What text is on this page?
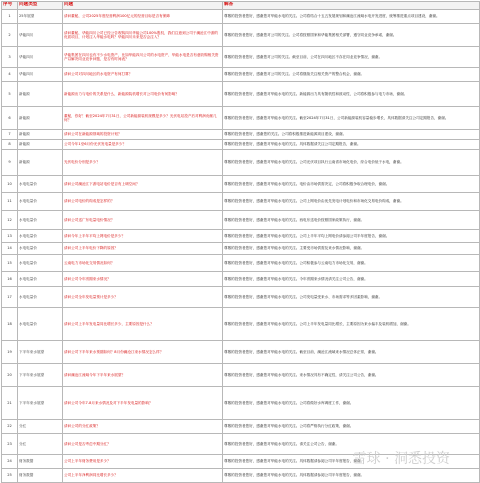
序号	问题类型	问题	解答
1	25年展望	请问董秘，公司2025年度经营利润100亿元的经营目标是否有保障	尊敬的投资者您好，感谢您对华能水电的关注。公司将结合十五五发展规划和澜沧江流域水电开发进度，统筹推进重点项目建设，谢谢。
2	华能四川	请问董秘，华能四川公司已经公告收购四川华能公司100%股权，我们注意到公司于澜沧江中游的优质项目，计划注入华能水电吗？华能四川未来是否会注入？	尊敬的投资者您好，感谢您对公司的关注。公司将按照国家和华能集团相关部署，遵守同业竞争承诺，谢谢。
3	华能四川	华能集团在四川也有不少水电资产，比如华能四川公司的水电资产，华能水电是否有意收购相关资产以解决同业竞争问题，是否有时间表？	尊敬的投资者您好，感谢您对公司的关注。截至目前，公司在四川地区不存在同业竞争情况，谢谢。
4	华能四川	请问公司对四川地区的水电资产有何打算？	尊敬的投资者您好，感谢您对公司的关注。公司将继续关注相关资产的整合机会，谢谢。
5	新能源	新能源出力与电价的关系是什么，新能源装机增长对公司电价有何影响？	尊敬的投资者您好，感谢您对华能水电的关注。新能源出力具有随机性和波动性，公司将积极参与电力市场，谢谢。
6	新能源	董秘，你好！截至2024年7月31日，公司新能源装机规模是多少？光伏电站投产后对利润贡献几何？	尊敬的投资者您好，感谢您对华能水电的关注。截至2024年7月31日，公司新能源装机容量稳步增长，具体数据请关注公司定期报告，谢谢。
7	新能源	请问公司在新能源领域的投资计划？	尊敬的投资者您好，感谢您的关注。公司将积极推进新能源项目建设，谢谢。
8	新能源	公司今年1至6月份光伏发电量是多少？	尊敬的投资者您好，感谢您对华能水电的关注。具体数据请关注公司定期报告，谢谢。
9	新能源	光伏电价分别是多少？	尊敬的投资者您好，感谢您对华能水电的关注。公司光伏项目执行云南省市场化电价，综合电价低于水电，谢谢。
10	水电电量价	请问公司澜沧江下游电站电价是否有上调空间？	尊敬的投资者您好，感谢您对华能水电的关注。电价由市场供需决定，公司将积极争取合理电价，谢谢。
11	水电电量价	请问公司电价的构成是怎样的？	尊敬的投资者您好，感谢您对华能水电的关注。公司上网电价由优先发电计划电价和市场化交易电价构成，谢谢。
12	水电电量价	请问公司送广东电量电价情况？	尊敬的投资者您好，感谢您对华能水电的关注。西电东送电价按照国家政策执行，谢谢。
13	水电电量价	请问今年上半年平均上网电价是多少？	尊敬的投资者您好，感谢您对华能水电的关注。公司上半年平均上网电价请参阅公司半年度报告，谢谢。
14	水电电量价	请问公司上半年电价下降的原因？	尊敬的投资者您好，感谢您对华能水电的关注。主要受市场供需及来水情况影响，谢谢。
15	水电电量价	云南电力市场化交易情况如何？	尊敬的投资者您好，感谢您对华能水电的关注。公司积极参与云南电力市场化交易，谢谢。
16	水电电量价	请问公司今年汛期来水情况？	尊敬的投资者您好，感谢您对华能水电的关注。今年汛期来水情况请关注公司公告，谢谢。
17	水电电量价	请问公司全年发电量预计是多少？	尊敬的投资者您好，感谢您对华能水电的关注。公司发电量受来水、市场需求等多因素影响，谢谢。
18	水电电量价	请问公司上半年发电量同比增长多少，主要原因是什么？	尊敬的投资者您好，感谢您对华能水电的关注。公司上半年发电量同比增长，主要原因为来水偏丰及装机增加，谢谢。
19	下半年来水展望	请问公司下半年来水预期如何？8月份澜沧江来水情况怎么样？	尊敬的投资者您好，感谢您对华能水电的关注。截至目前，澜沧江流域来水情况总体正常，谢谢。
20	下半年来水展望	请问澜沧江流域今年下半年来水展望？	尊敬的投资者您好，感谢您对华能水电的关注。来水情况具有不确定性，请关注公司公告，谢谢。
21	下半年来水展望	请问公司今年7-8月来水情况及对下半年发电量的影响？	尊敬的投资者您好，感谢您对华能水电的关注。公司将做好水库调度工作，谢谢。
22	分红	请问公司的分红政策？	尊敬的投资者您好，感谢您对华能水电的关注。公司将严格执行分红政策，谢谢。
23	分红	请问公司是否考虑中期分红？	尊敬的投资者您好，感谢您对华能水电的关注。请关注公司公告，谢谢。
24	财务数据	公司上半年财务费用是多少？	尊敬的投资者您好，感谢您对华能水电的关注。具体数据请参阅公司半年度报告，谢谢。
25	财务数据	公司上半年净利润同比增长多少？	尊敬的投资者您好，感谢您对华能水电的关注。具体数据请参阅公司半年度报告，谢谢。
雪球 · 洞悉投资
